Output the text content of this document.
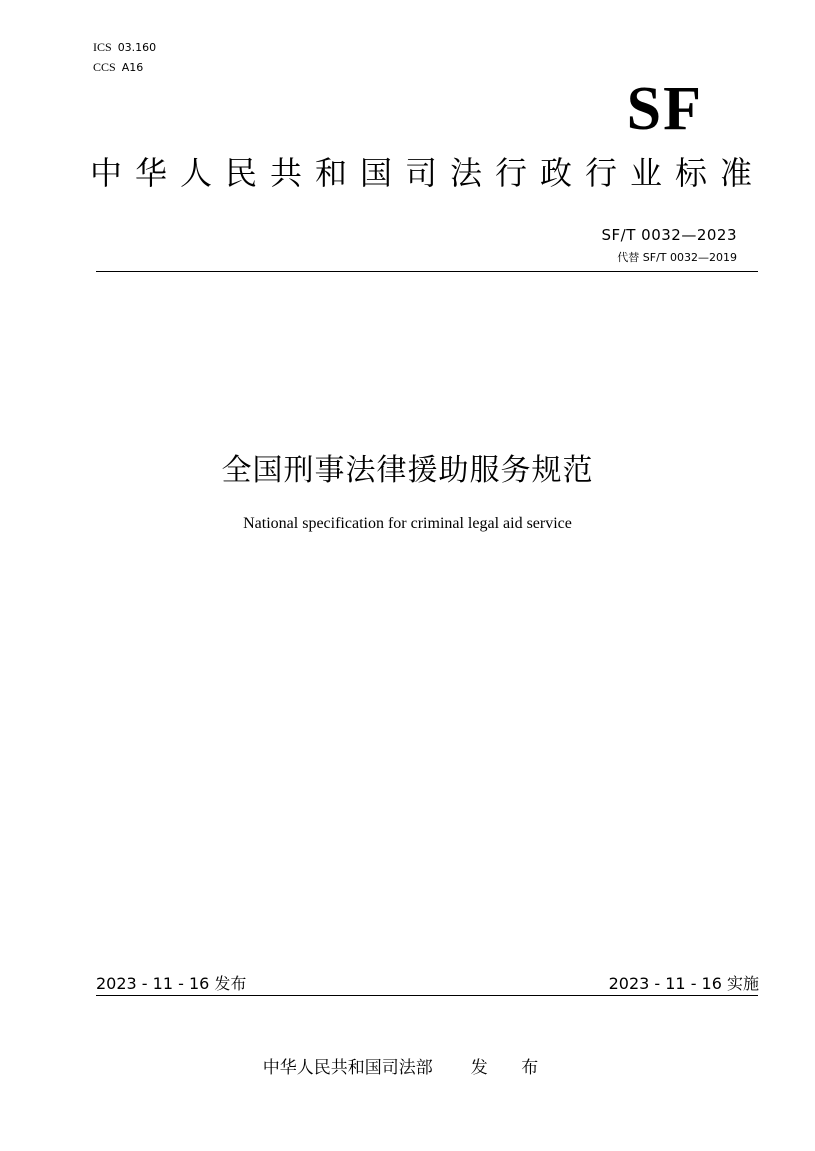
ICS 03.160
CCS A16
SF
中华人民共和国司法行政行业标准
SF/T 0032—2023
代替 SF/T 0032—2019
全国刑事法律援助服务规范
National specification for criminal legal aid service
2023 - 11 - 16 发布	2023 - 11 - 16 实施
中华人民共和国司法部 发 布
